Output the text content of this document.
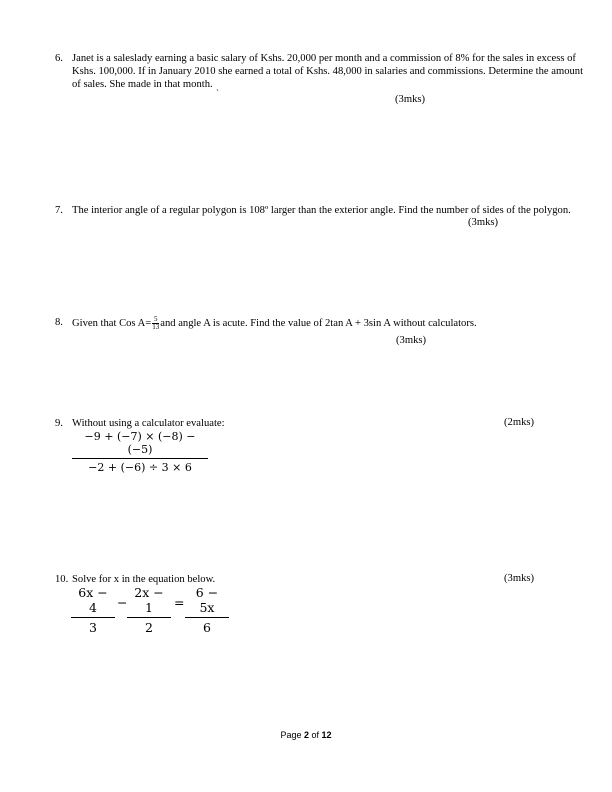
6. Janet is a saleslady earning a basic salary of Kshs. 20,000 per month and a commission of 8% for the sales in excess of Kshs. 100,000. If in January 2010 she earned a total of Kshs. 48,000 in salaries and commissions. Determine the amount of sales. She made in that month.
`
(3mks)
7. The interior angle of a regular polygon is 108º larger than the exterior angle. Find the number of sides of the polygon.
(3mks)
8. Given that Cos $A= \frac{5}{13}$ and angle A is acute. Find the value of 2tan A + 3sin A without calculators.
(3mks)
9. Without using a calculator evaluate:	(2mks)
$\frac{-9 + (-7) \times (-8) - (-5)}{-2 + (-6) \div 3 \times 6}$
10. Solve for x in the equation below.	(3mks)
$\frac{6x - 4}{3} - \frac{2x - 1}{2} = \frac{6 - 5x}{6}$
Page 2 of 12
